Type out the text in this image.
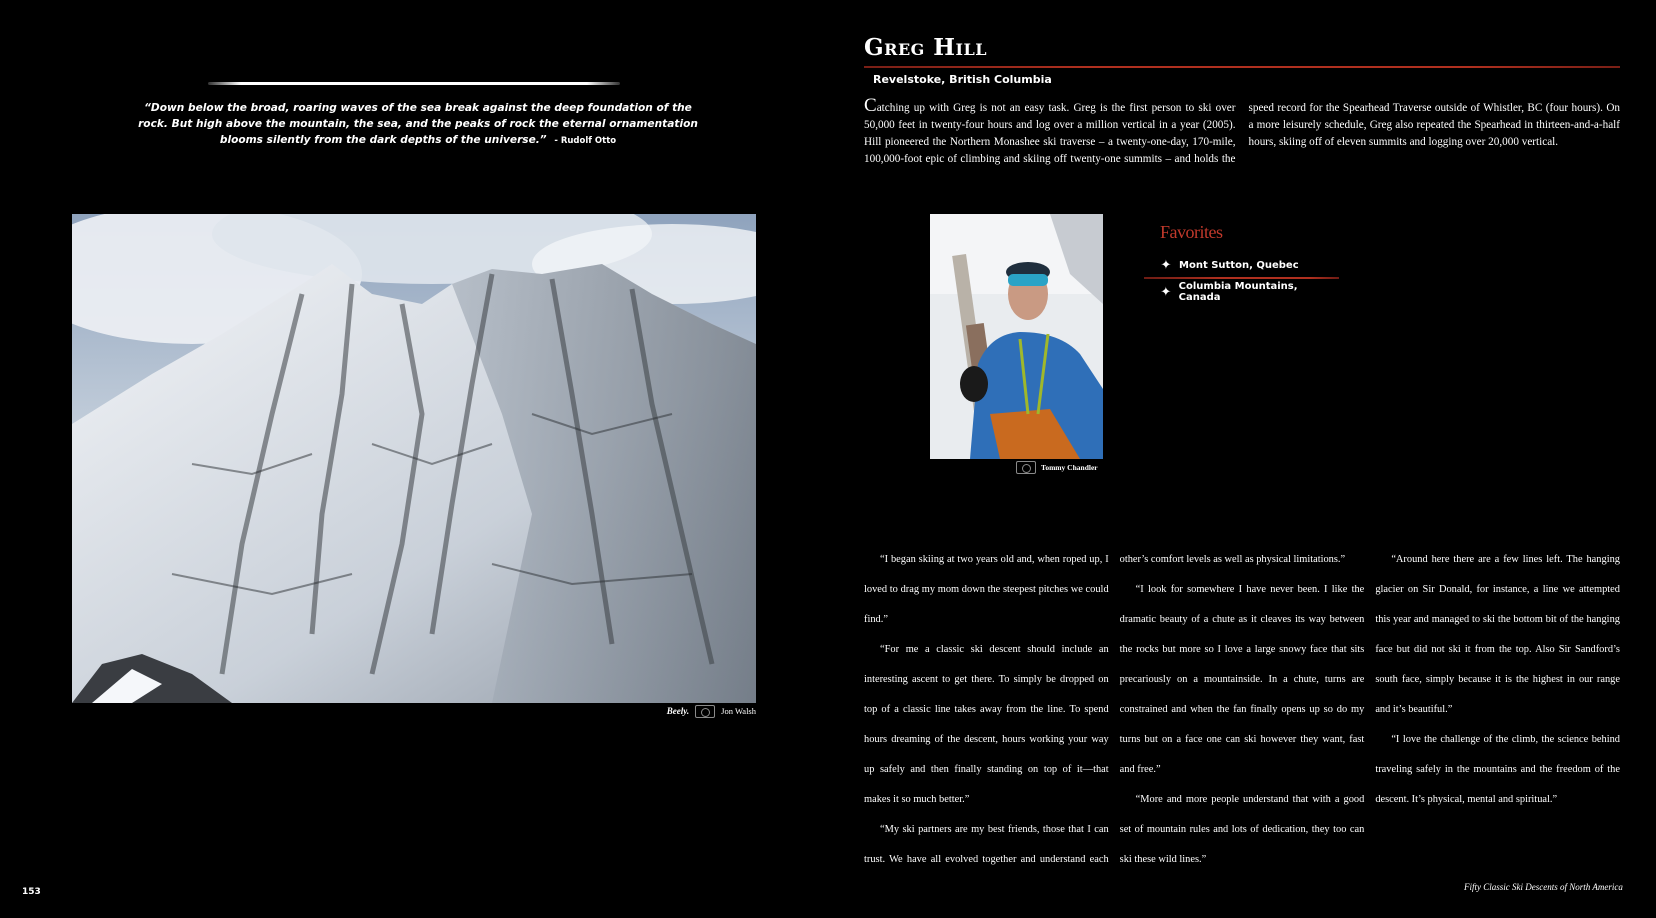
“Down below the broad, roaring waves of the sea break against the deep foundation of the rock. But high above the mountain, the sea, and the peaks of rock the eternal ornamentation blooms silently from the dark depths of the universe.” - Rudolf Otto
Beely.	Jon Walsh
153
Greg Hill
Revelstoke, British Columbia
Catching up with Greg is not an easy task. Greg is the first person to ski over 50,000 feet in twenty-four hours and log over a million vertical in a year (2005). Hill pioneered the Northern Monashee ski traverse – a twenty-one-day, 170-mile, 100,000-foot epic of climbing and skiing off twenty-one summits – and holds the speed record for the Spearhead Traverse outside of Whistler, BC (four hours). On a more leisurely schedule, Greg also repeated the Spearhead in thirteen-and-a-half hours, skiing off of eleven summits and logging over 20,000 vertical.
Tommy Chandler
Favorites
✦ Mont Sutton, Quebec
✦ Columbia Mountains, Canada

“I began skiing at two years old and, when roped up, I loved to drag my mom down the steepest pitches we could find.”

“For me a classic ski descent should include an interesting ascent to get there. To simply be dropped on top of a classic line takes away from the line. To spend hours dreaming of the descent, hours working your way up safely and then finally standing on top of it—that makes it so much better.”

“My ski partners are my best friends, those that I can trust. We have all evolved together and understand each other’s comfort levels as well as physical limitations.”

“I look for somewhere I have never been. I like the dramatic beauty of a chute as it cleaves its way between the rocks but more so I love a large snowy face that sits precariously on a mountainside. In a chute, turns are constrained and when the fan finally opens up so do my turns but on a face one can ski however they want, fast and free.”

“More and more people understand that with a good set of mountain rules and lots of dedication, they too can ski these wild lines.”

“Around here there are a few lines left. The hanging glacier on Sir Donald, for instance, a line we attempted this year and managed to ski the bottom bit of the hanging face but did not ski it from the top. Also Sir Sandford’s south face, simply because it is the highest in our range and it’s beautiful.”

“I love the challenge of the climb, the science behind traveling safely in the mountains and the freedom of the descent. It’s physical, mental and spiritual.”

Fifty Classic Ski Descents of North America
